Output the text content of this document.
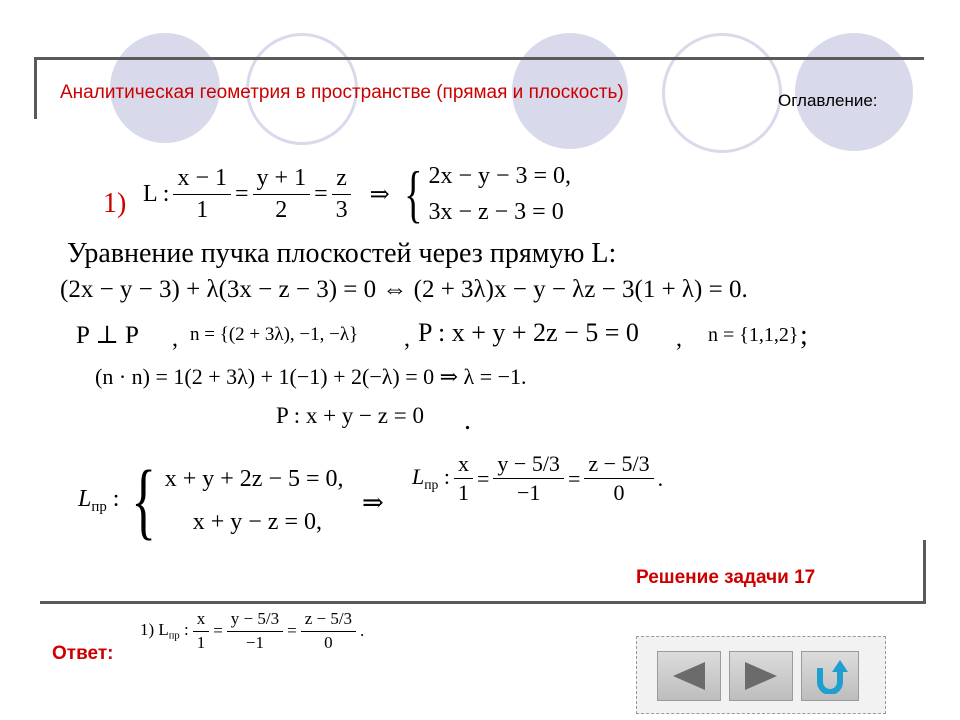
Аналитическая геометрия в пространстве (прямая и плоскость)	Оглавление:
1) L : $\frac{x - 1}{1} = \frac{y + 1}{2} = \frac{z}{3}$ ⇒ { 2x − y − 3 = 0,
3x − z − 3 = 0
Уравнение пучка плоскостей через прямую L:
(2x − y − 3) + λ(3x − z − 3) = 0 ⇔ (2 + 3λ)x − y − λz − 3(1 + λ) = 0.
P ⊥ P , n = {(2 + 3λ), −1, −λ} , P : x + y + 2z − 5 = 0 , n = {1,1,2} ;
(n · n) = 1(2 + 3λ) + 1(−1) + 2(−λ) = 0 ⇒ λ = −1.
P : x + y − z = 0 .
$L_{пр}$ : { x + y + 2z − 5 = 0,
x + y − z = 0,
⇒
$L_{пр}$ : $\frac{x}{1} = \frac{y - 5/3}{-1} = \frac{z - 5/3}{0}$ .
Решение задачи 17
Ответ:
1) $L_{пр}$ : $\frac{x}{1} = \frac{y - 5/3}{-1} = \frac{z - 5/3}{0}$ .
